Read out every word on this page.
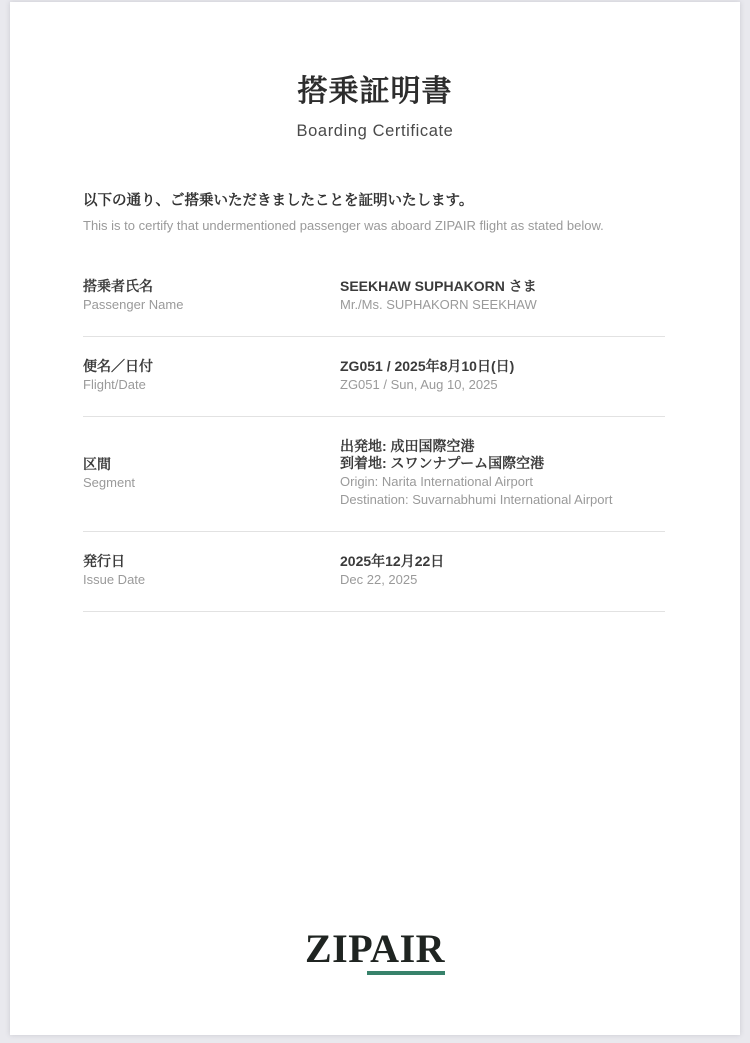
搭乗証明書
Boarding Certificate
以下の通り、ご搭乗いただきましたことを証明いたします。
This is to certify that undermentioned passenger was aboard ZIPAIR flight as stated below.
搭乗者氏名
Passenger Name
SEEKHAW SUPHAKORN さま
Mr./Ms. SUPHAKORN SEEKHAW
便名／日付
Flight/Date
ZG051 / 2025年8月10日(日)
ZG051 / Sun, Aug 10, 2025
区間
Segment
出発地: 成田国際空港
到着地: スワンナプーム国際空港
Origin: Narita International Airport
Destination: Suvarnabhumi International Airport
発行日
Issue Date
2025年12月22日
Dec 22, 2025
ZIPAIR
